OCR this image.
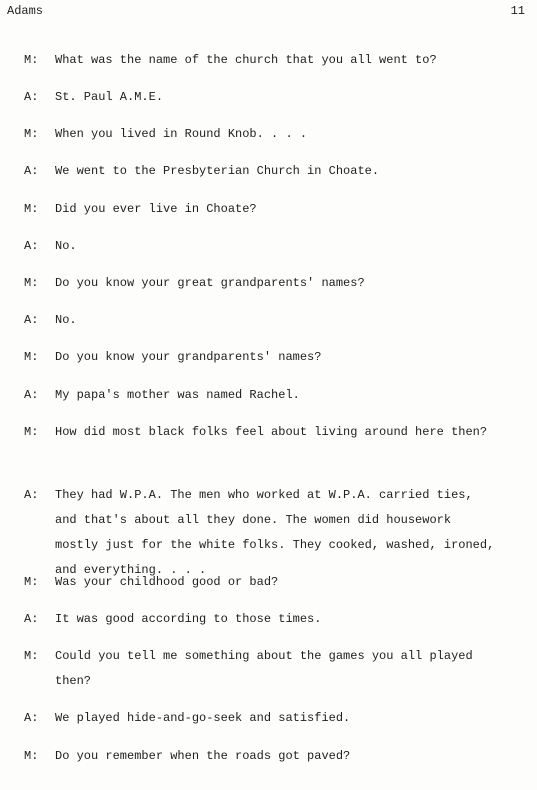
Adams	11
M:	What was the name of the church that you all went to?
A:	St. Paul A.M.E.
M:	When you lived in Round Knob. . . .
A:	We went to the Presbyterian Church in Choate.
M:	Did you ever live in Choate?
A:	No.
M:	Do you know your great grandparents' names?
A:	No.
M:	Do you know your grandparents' names?
A:	My papa's mother was named Rachel.
M:	How did most black folks feel about living around here then?
A:	They had W.P.A. The men who worked at W.P.A. carried ties,
and that's about all they done. The women did housework
mostly just for the white folks. They cooked, washed, ironed,
and everything. . . .
M:	Was your childhood good or bad?
A:	It was good according to those times.
M:	Could you tell me something about the games you all played
then?
A:	We played hide-and-go-seek and satisfied.
M:	Do you remember when the roads got paved?
